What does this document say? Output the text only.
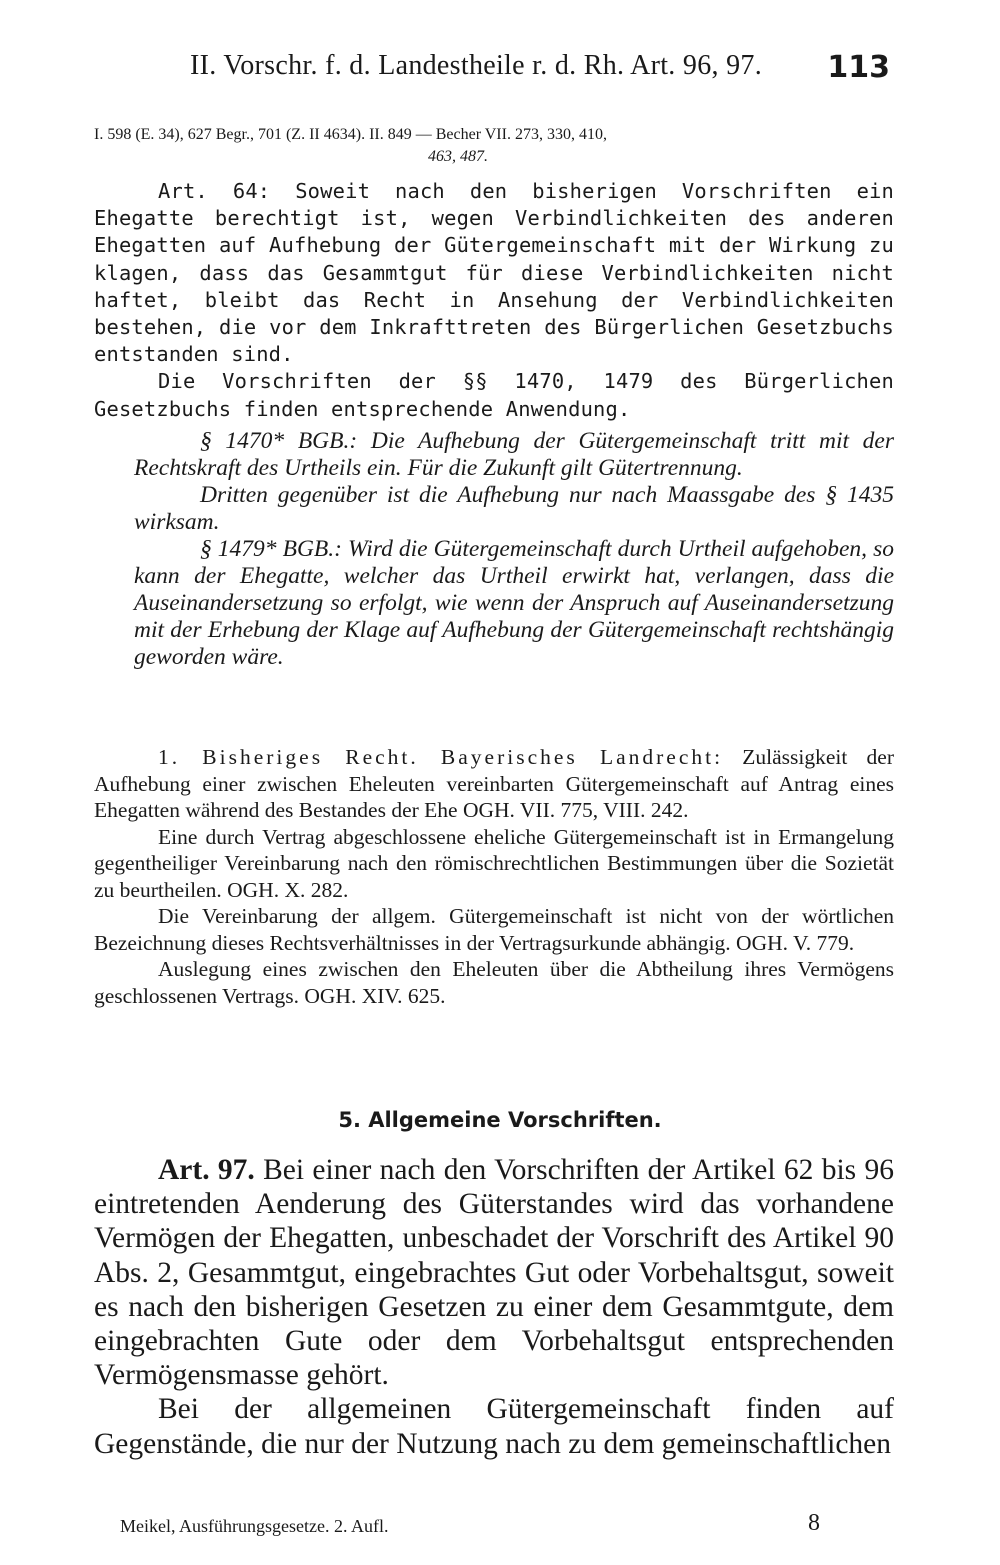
II. Vorschr. f. d. Landestheile r. d. Rh. Art. 96, 97. 113
I. 598 (E. 34), 627 Begr., 701 (Z. II 4634). II. 849 — Becher VII. 273, 330, 410,
463, 487.

Art. 64: Soweit nach den bisherigen Vorschriften ein Ehegatte berechtigt ist, wegen Verbindlichkeiten des anderen Ehegatten auf Aufhebung der Gütergemeinschaft mit der Wirkung zu klagen, dass das Gesammtgut für diese Verbindlichkeiten nicht haftet, bleibt das Recht in Ansehung der Verbindlichkeiten bestehen, die vor dem Inkrafttreten des Bürgerlichen Gesetzbuchs entstanden sind.

Die Vorschriften der §§ 1470, 1479 des Bürgerlichen Gesetzbuchs finden entsprechende Anwendung.

§ 1470* BGB.: Die Aufhebung der Gütergemeinschaft tritt mit der Rechtskraft des Urtheils ein. Für die Zukunft gilt Gütertrennung.

Dritten gegenüber ist die Aufhebung nur nach Maassgabe des § 1435 wirksam.

§ 1479* BGB.: Wird die Gütergemeinschaft durch Urtheil aufgehoben, so kann der Ehegatte, welcher das Urtheil erwirkt hat, verlangen, dass die Auseinandersetzung so erfolgt, wie wenn der Anspruch auf Auseinandersetzung mit der Erhebung der Klage auf Aufhebung der Gütergemeinschaft rechtshängig geworden wäre.

1. Bisheriges Recht. Bayerisches Landrecht: Zulässigkeit der Aufhebung einer zwischen Eheleuten vereinbarten Gütergemeinschaft auf Antrag eines Ehegatten während des Bestandes der Ehe OGH. VII. 775, VIII. 242.

Eine durch Vertrag abgeschlossene eheliche Gütergemeinschaft ist in Ermangelung gegentheiliger Vereinbarung nach den römischrechtlichen Bestimmungen über die Sozietät zu beurtheilen. OGH. X. 282.

Die Vereinbarung der allgem. Gütergemeinschaft ist nicht von der wörtlichen Bezeichnung dieses Rechtsverhältnisses in der Vertragsurkunde abhängig. OGH. V. 779.

Auslegung eines zwischen den Eheleuten über die Abtheilung ihres Vermögens geschlossenen Vertrags. OGH. XIV. 625.

5. Allgemeine Vorschriften.

Art. 97. Bei einer nach den Vorschriften der Artikel 62 bis 96 eintretenden Aenderung des Güterstandes wird das vorhandene Vermögen der Ehegatten, unbeschadet der Vorschrift des Artikel 90 Abs. 2, Gesammtgut, eingebrachtes Gut oder Vorbehaltsgut, soweit es nach den bisherigen Gesetzen zu einer dem Gesammtgute, dem eingebrachten Gute oder dem Vorbehaltsgut entsprechenden Vermögensmasse gehört.

Bei der allgemeinen Gütergemeinschaft finden auf Gegenstände, die nur der Nutzung nach zu dem gemeinschaftlichen

Meikel, Ausführungsgesetze. 2. Aufl.	8
